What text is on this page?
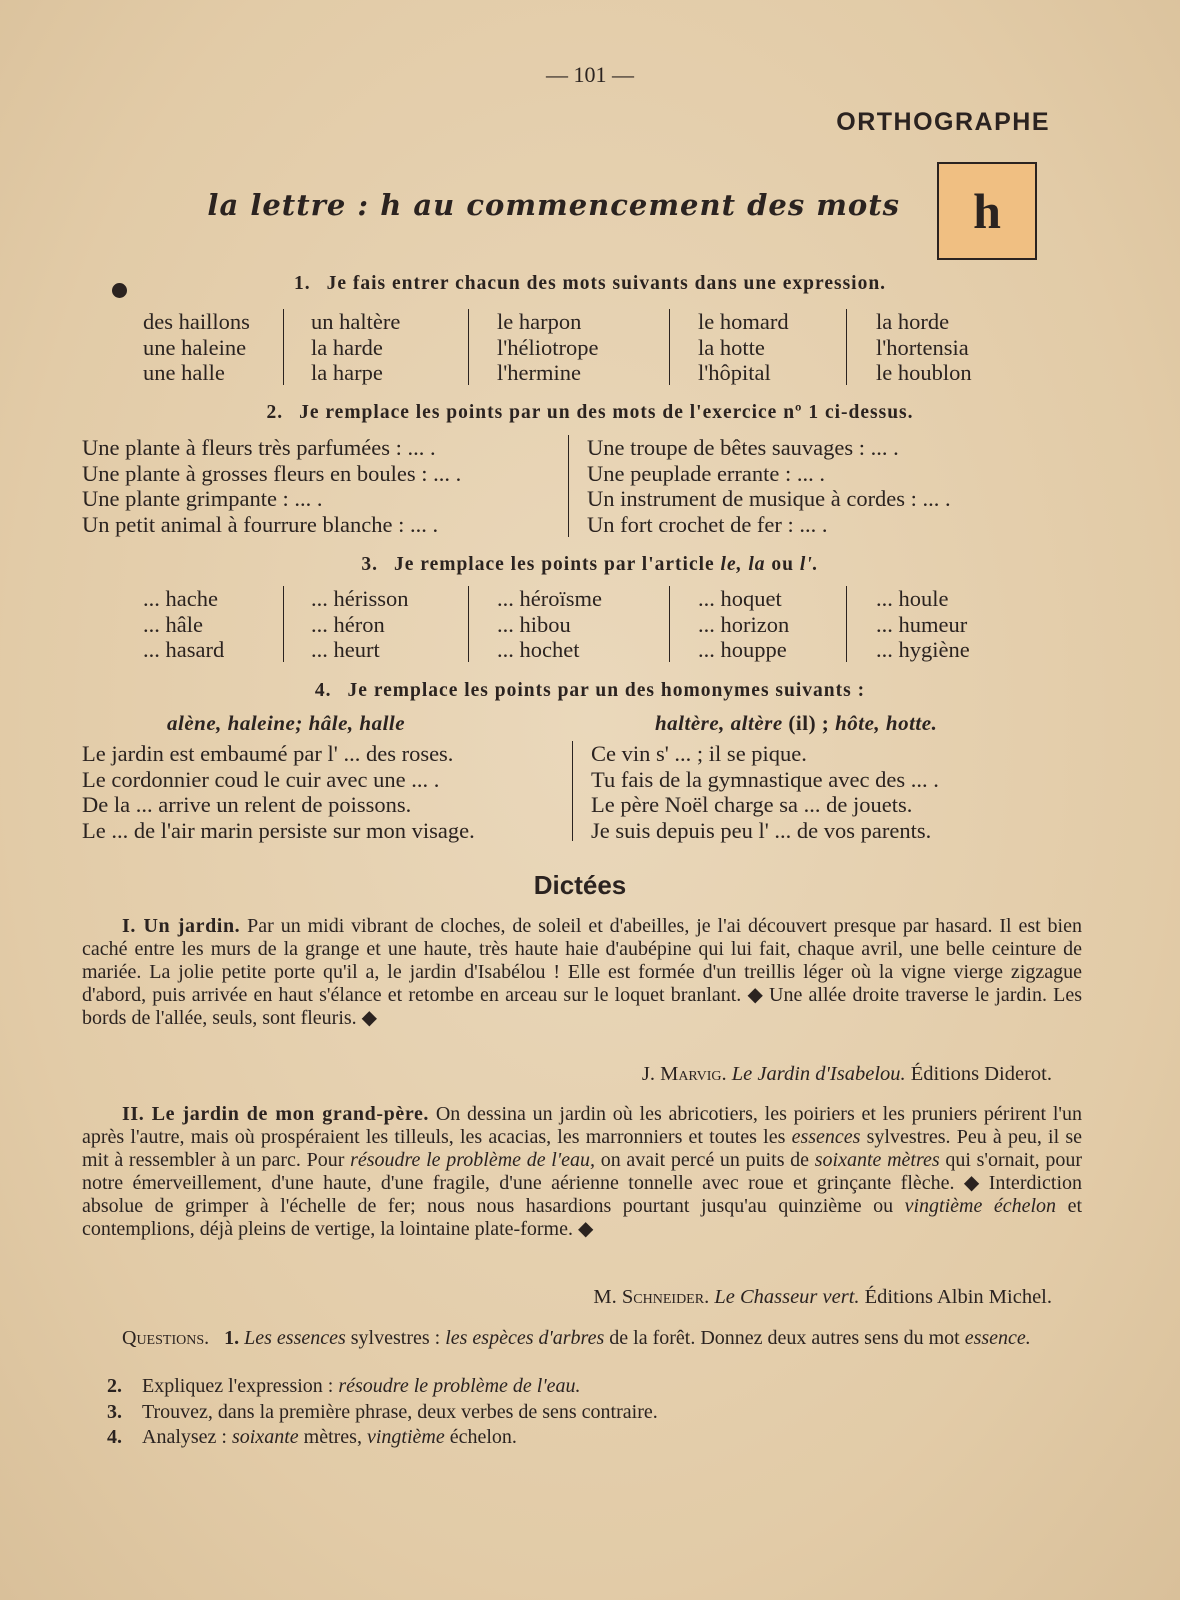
— 101 —
ORTHOGRAPHE
la lettre : h au commencement des mots	h
1. Je fais entrer chacun des mots suivants dans une expression.
des haillons
une haleine
une halle
un haltère
la harde
la harpe
le harpon
l'héliotrope
l'hermine
le homard
la hotte
l'hôpital
la horde
l'hortensia
le houblon
2. Je remplace les points par un des mots de l'exercice nº 1 ci-dessus.
Une plante à fleurs très parfumées : ... .
Une plante à grosses fleurs en boules : ... .
Une plante grimpante : ... .
Un petit animal à fourrure blanche : ... .
Une troupe de bêtes sauvages : ... .
Une peuplade errante : ... .
Un instrument de musique à cordes : ... .
Un fort crochet de fer : ... .
3. Je remplace les points par l'article le, la ou l'.
... hache
... hâle
... hasard
... hérisson
... héron
... heurt
... héroïsme
... hibou
... hochet
... hoquet
... horizon
... houppe
... houle
... humeur
... hygiène
4. Je remplace les points par un des homonymes suivants :
alène, haleine; hâle, halle	haltère, altère (il) ; hôte, hotte.
Le jardin est embaumé par l' ... des roses.
Le cordonnier coud le cuir avec une ... .
De la ... arrive un relent de poissons.
Le ... de l'air marin persiste sur mon visage.
Ce vin s' ... ; il se pique.
Tu fais de la gymnastique avec des ... .
Le père Noël charge sa ... de jouets.
Je suis depuis peu l' ... de vos parents.
Dictées
I. Un jardin. Par un midi vibrant de cloches, de soleil et d'abeilles, je l'ai découvert presque par hasard. Il est bien caché entre les murs de la grange et une haute, très haute haie d'aubépine qui lui fait, chaque avril, une belle ceinture de mariée. La jolie petite porte qu'il a, le jardin d'Isabélou ! Elle est formée d'un treillis léger où la vigne vierge zigzague d'abord, puis arrivée en haut s'élance et retombe en arceau sur le loquet branlant. ◆ Une allée droite traverse le jardin. Les bords de l'allée, seuls, sont fleuris. ◆
J. Marvig. Le Jardin d'Isabelou. Éditions Diderot.
II. Le jardin de mon grand-père. On dessina un jardin où les abricotiers, les poiriers et les pruniers périrent l'un après l'autre, mais où prospéraient les tilleuls, les acacias, les marronniers et toutes les essences sylvestres. Peu à peu, il se mit à ressembler à un parc. Pour résoudre le problème de l'eau, on avait percé un puits de soixante mètres qui s'ornait, pour notre émerveillement, d'une haute, d'une fragile, d'une aérienne tonnelle avec roue et grinçante flèche. ◆ Interdiction absolue de grimper à l'échelle de fer; nous nous hasardions pourtant jusqu'au quinzième ou vingtième échelon et contemplions, déjà pleins de vertige, la lointaine plate-forme. ◆
M. Schneider. Le Chasseur vert. Éditions Albin Michel.
Questions. 1. Les essences sylvestres : les espèces d'arbres de la forêt. Donnez deux autres sens du mot essence.
2. Expliquez l'expression : résoudre le problème de l'eau.
3. Trouvez, dans la première phrase, deux verbes de sens contraire.
4. Analysez : soixante mètres, vingtième échelon.
